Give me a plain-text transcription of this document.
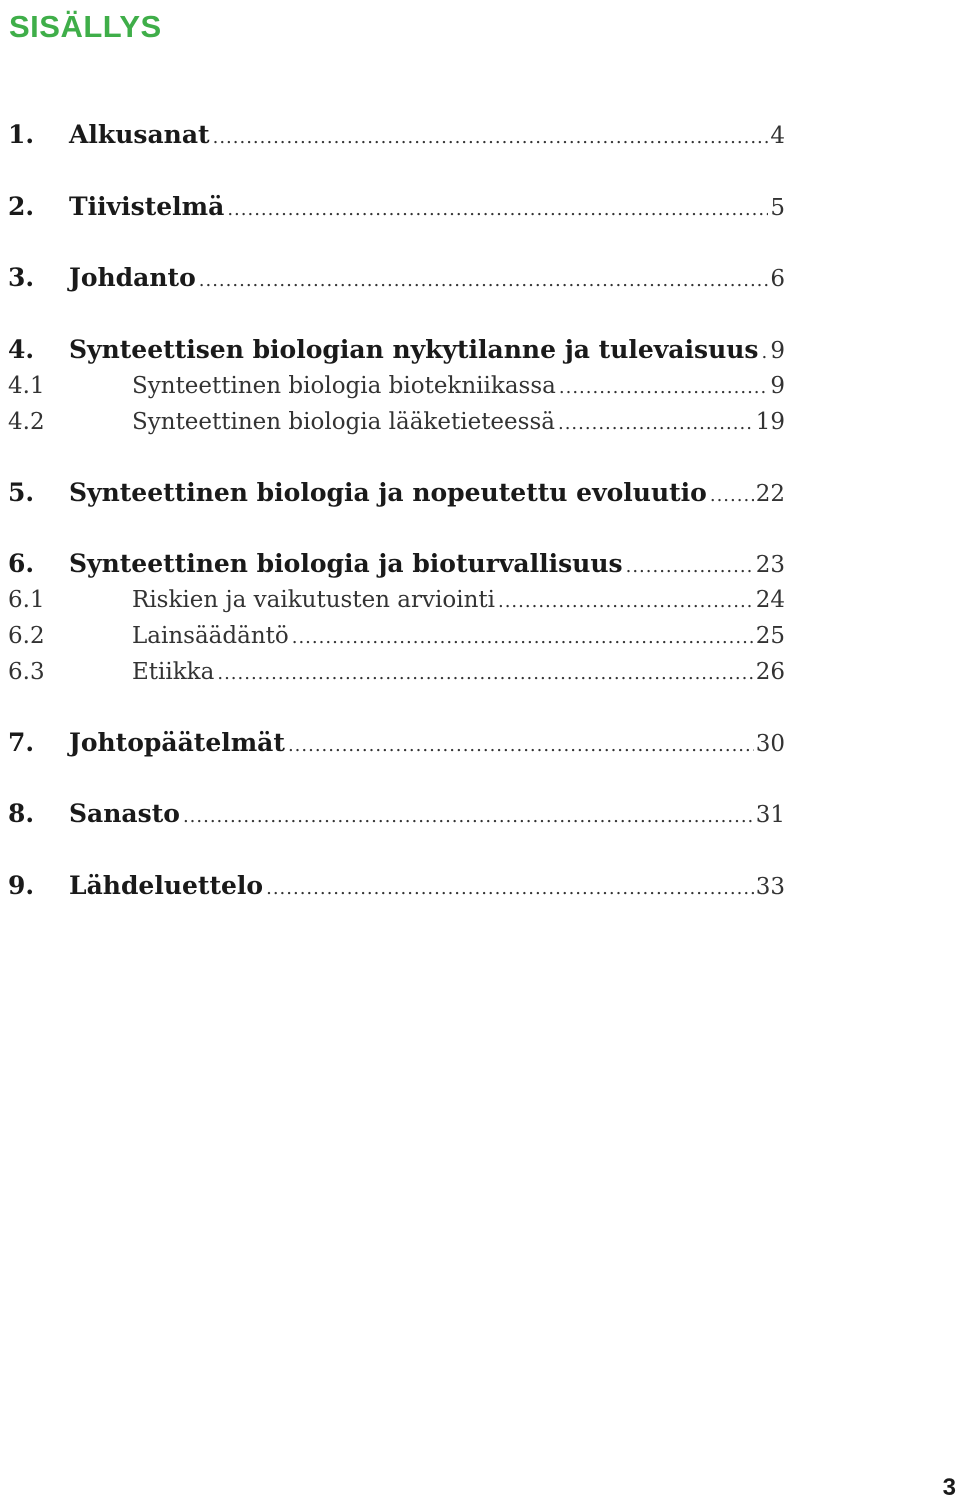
SISÄLLYS
1.	Alkusanat .....	4
2.	Tiivistelmä .....	5
3.	Johdanto .....	6
4.	Synteettisen biologian nykytilanne ja tulevaisuus ..... 9
4.1	Synteettinen biologia biotekniikassa .....	9
4.2	Synteettinen biologia lääketieteessä .....	19
5.	Synteettinen biologia ja nopeutettu evoluutio ..... 22
6.	Synteettinen biologia ja bioturvallisuus .....	23
6.1	Riskien ja vaikutusten arviointi .....	24
6.2	Lainsäädäntö .....	25
6.3	Etiikka .....	26
7.	Johtopäätelmät .....	30
8.	Sanasto .....	31
9.	Lähdeluettelo .....	33
3
